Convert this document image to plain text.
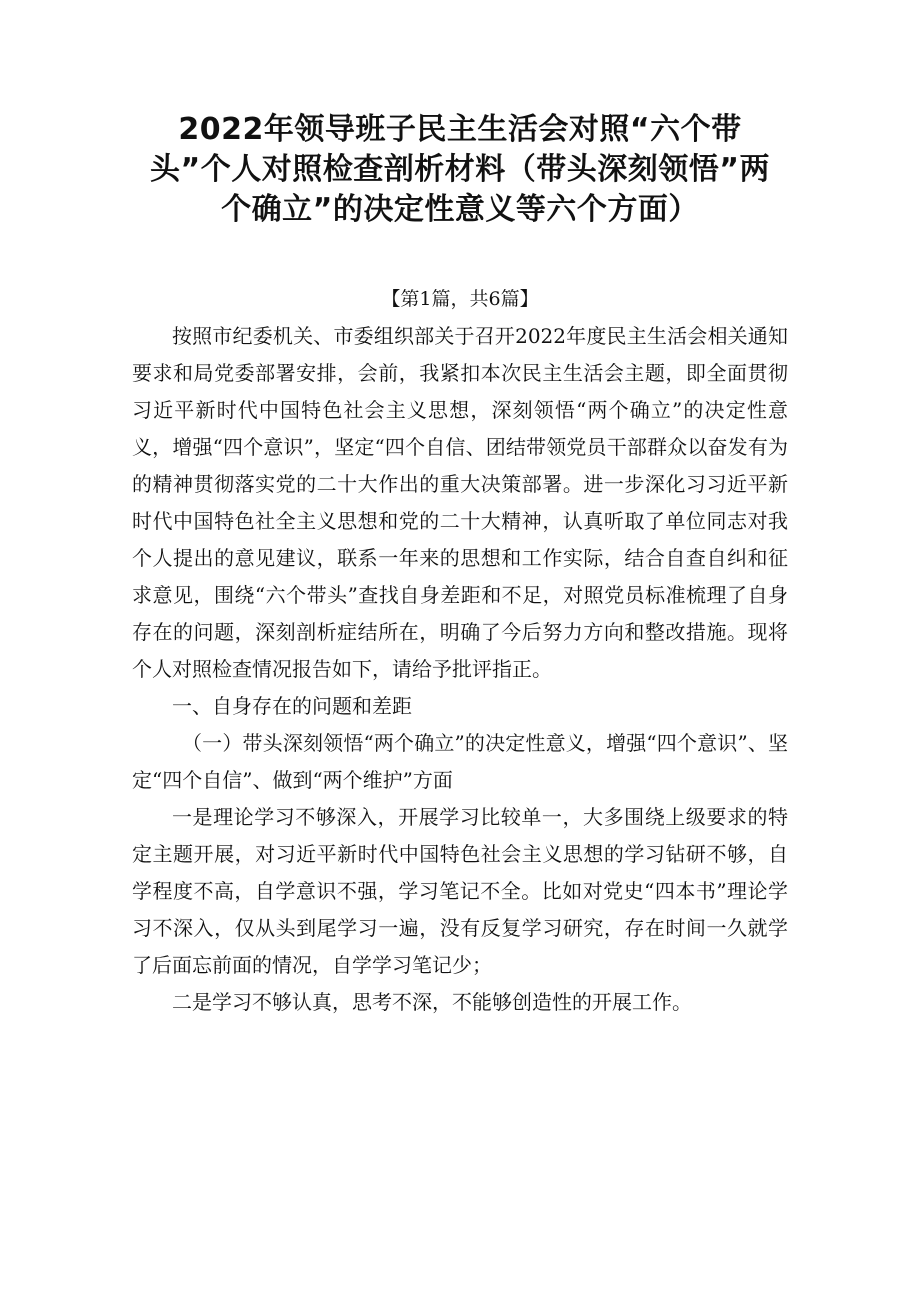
2022年领导班子民主生活会对照“六个带头”个人对照检查剖析材料（带头深刻领悟”两个确立”的决定性意义等六个方面）
【第1篇，共6篇】

按照市纪委机关、市委组织部关于召开2022年度民主生活会相关通知要求和局党委部署安排，会前，我紧扣本次民主生活会主题，即全面贯彻习近平新时代中国特色社会主义思想，深刻领悟“两个确立”的决定性意义，增强“四个意识”，坚定“四个自信、团结带领党员干部群众以奋发有为的精神贯彻落实党的二十大作出的重大决策部署。进一步深化习习近平新时代中国特色社全主义思想和党的二十大精神，认真听取了单位同志对我个人提出的意见建议，联系一年来的思想和工作实际，结合自查自纠和征求意见，围绕“六个带头”查找自身差距和不足，对照党员标准梳理了自身存在的问题，深刻剖析症结所在，明确了今后努力方向和整改措施。现将个人对照检查情况报告如下，请给予批评指正。

一、自身存在的问题和差距

（一）带头深刻领悟“两个确立”的决定性意义，增强“四个意识”、坚定“四个自信”、做到“两个维护”方面

一是理论学习不够深入，开展学习比较单一，大多围绕上级要求的特定主题开展，对习近平新时代中国特色社会主义思想的学习钻研不够，自学程度不高，自学意识不强，学习笔记不全。比如对党史“四本书”理论学习不深入，仅从头到尾学习一遍，没有反复学习研究，存在时间一久就学了后面忘前面的情况，自学学习笔记少；

二是学习不够认真，思考不深，不能够创造性的开展工作。
